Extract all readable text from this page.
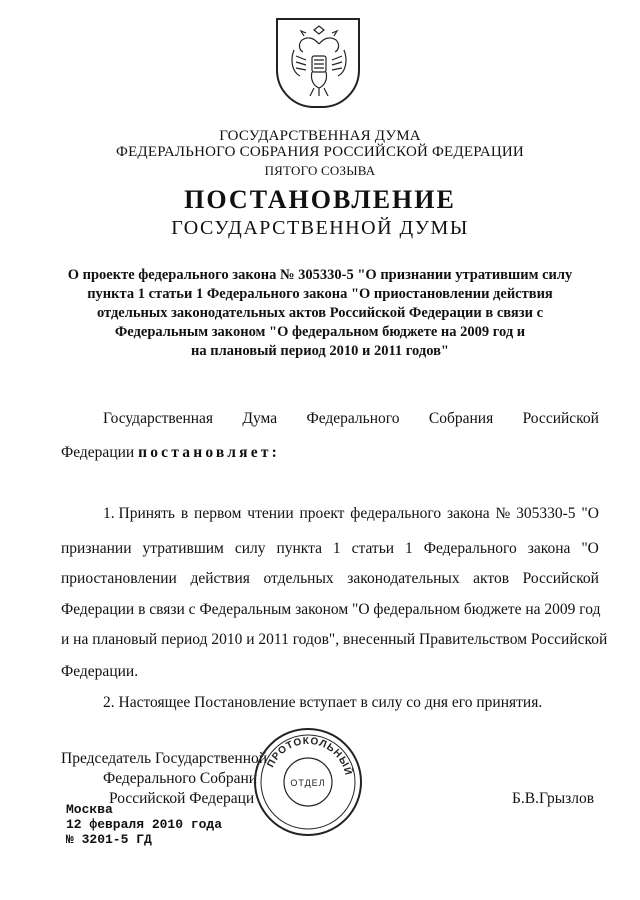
ГОСУДАРСТВЕННАЯ ДУМА
ФЕДЕРАЛЬНОГО СОБРАНИЯ РОССИЙСКОЙ ФЕДЕРАЦИИ
ПЯТОГО СОЗЫВА
ПОСТАНОВЛЕНИЕ
ГОСУДАРСТВЕННОЙ ДУМЫ
О проекте федерального закона № 305330-5 "О признании утратившим силу
пункта 1 статьи 1 Федерального закона "О приостановлении действия
отдельных законодательных актов Российской Федерации в связи с
Федеральным законом "О федеральном бюджете на 2009 год и
на плановый период 2010 и 2011 годов"
Государственная Дума Федерального Собрания Российской
Федерации постановляет:
1. Принять в первом чтении проект федерального закона № 305330-5 "О
признании утратившим силу пункта 1 статьи 1 Федерального закона "О
приостановлении действия отдельных законодательных актов Российской
Федерации в связи с Федеральным законом "О федеральном бюджете на 2009 год
и на плановый период 2010 и 2011 годов", внесенный Правительством Российской
Федерации.
2. Настоящее Постановление вступает в силу со дня его принятия.
Председатель Государственной
Федерального Собрани
Российской Федераци	Б.В.Грызлов
Москва
12 февраля 2010 года
№ 3201-5 ГД
ПРОТОКОЛЬНЫЙ
ОТДЕЛ
